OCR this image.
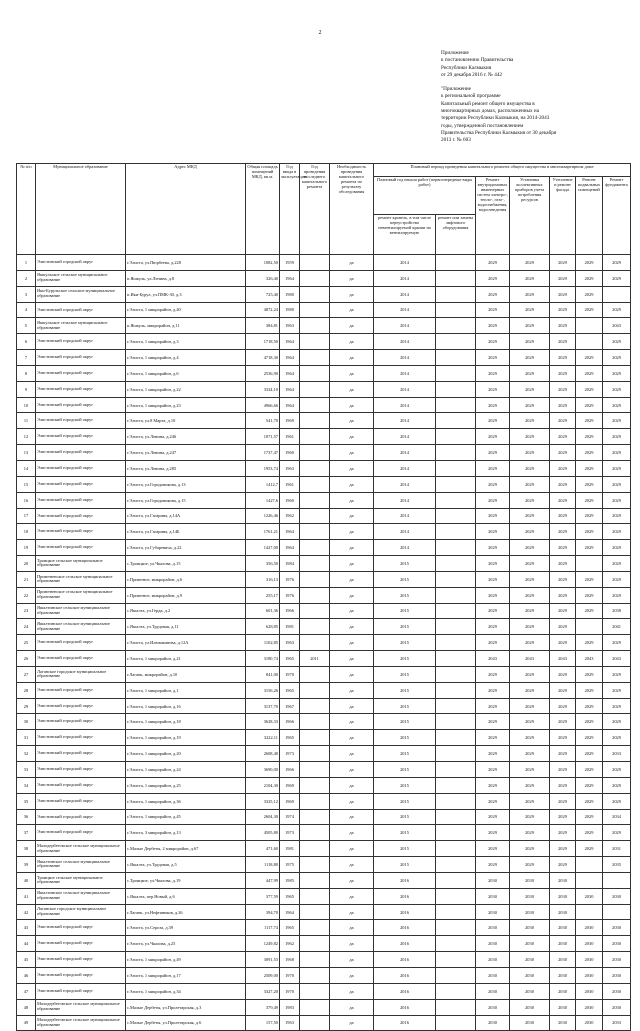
2

Приложение

к постановлению Правительства

Республики Калмыкия

от 29 декабря 2016 г. № 442

"Приложение

к региональной программе

Капитальный ремонт общего имущества в

многоквартирных домах, расположенных на

территории Республики Калмыкия, на 2014-2043

годы, утвержденной постановлением

Правительства Республики Калмыкия от 30 декабря

2013 г. № 603

№ п/п	Муниципальное образование	Адрес МКД	Общая площадь помещений МКД, кв.м.	Год ввода в эксплуатацию	Год проведения последнего капитального ремонта	Необходимость проведения капитального ремонта по результату обследования	Плановый период проведения капитального ремонта общего имущества в многоквартирном доме						
							Плановый год начала работ (первоочередные виды работ)		Ремонт внутридомовых инженерных систем электро-, тепло-, газо-, водоснабжения, водоотведения	Установка коллективных приборов учета потребления ресурсов	Утепление и ремонт фасада	Ремонт подвальных помещений	Ремонт фундамента
							ремонт кровель, в том числе переустройство невентилируемой крыши на вентилируемую	ремонт или замена лифтового оборудования					
1	Элистинский городской округ	г.Элиста, ул.Пюрбеева, д.228	1082,50	1959		да	2014		2029	2029	2029	2029	2029
2	Яшкульское сельское муниципальное образование	п.Яшкуль, ул.Ленина, д.8	326,40	1964		да	2014		2029	2029	2029	2029	2029
3	Ики-Бурульское сельское муниципальное образование	п.Ики-Бурул, ул.ПМК-30, д.3	725,40	1980		да	2014		2029	2029	2029	2029	
4	Элистинский городской округ	г.Элиста, 1 микрорайон, д.40	4872,24	1980		да	2014		2029	2029	2029	2029	2029
5	Яшкульское сельское муниципальное образование	п.Яшкуль, микрорайон, д.11	384,81	1963		да	2014		2029	2029	2029		2043
6	Элистинский городской округ	г.Элиста, 1 микрорайон, д.3	1718,50	1964		да	2014		2029	2029	2029		2029
7	Элистинский городской округ	г.Элиста, 1 микрорайон, д.4	4718,30	1964		да	2014		2029	2029	2029	2029	2029
8	Элистинский городской округ	г.Элиста, 1 микрорайон, д.6	2536,90	1964		да	2014		2029	2029	2029	2029	2029
9	Элистинский городской округ	г.Элиста, 1 микрорайон, д.22	3334,10	1964		да	2014		2029	2029	2029	2029	2029
10	Элистинский городской округ	г.Элиста, 1 микрорайон, д.23	4966,66	1964		да	2014		2029	2029	2029	2029	2029
11	Элистинский городской округ	г.Элиста, ул.8 Марта, д.10	541,70	1969		да	2014		2029	2029	2029	2029	2029
12	Элистинский городской округ	г.Элиста, ул.Ленина, д.246	1071,57	1961		да	2014		2029	2029	2029	2029	2029
13	Элистинский городской округ	г.Элиста, ул.Ленина, д.247	1737,47	1960		да	2014		2029	2029	2029	2029	2029
14	Элистинский городской округ	г.Элиста, ул.Ленина, д.285	1953,74	1963		да	2014		2029	2029	2029	2029	2029
15	Элистинский городской округ	г.Элиста, ул.Городовикова, д.13	1412,7	1961		да	2014		2029	2029	2029	2029	2029
16	Элистинский городской округ	г.Элиста, ул.Городовикова, д.15	1427,6	1960		да	2014		2029	2029	2029	2029	2029
17	Элистинский городской округ	г.Элиста, ул.Гагарина, д.14А	1226,46	1962		да	2014		2029	2029	2029	2029	2029
18	Элистинский городской округ	г.Элиста, ул.Гагарина, д.14Б	1761,21	1964		да	2014		2029	2029	2029	2029	2029
19	Элистинский городской округ	г.Элиста, ул.Губаревича, д.22	1427,00	1964		да	2014		2029	2029	2029	2029	2029
20	Троицкое сельское муниципальное образование	с.Троицкое, ул.Чкалова, д.15	356,50	1984		да	2015		2029	2029	2029		2029
21	Приютненское сельское муниципальное образование	с.Приютное, микрорайон, д.6	316,13	1976		да	2015		2029	2029	2029	2029	2029
22	Приютненское сельское муниципальное образование	с.Приютное, микрорайон, д.9	255,17	1976		да	2015		2029	2029	2029	2029	2029
23	Яшалтинское сельское муниципальное образование	с.Яшалта, ул.Герда, д.2	601,36	1966		да	2015		2029	2029	2029	2029	2038
24	Яшалтинское сельское муниципальное образование	с.Яшалта, ул.Трудовая, д.11	628,85	1981		да	2015		2029	2029	2029		2041
25	Элистинский городской округ	г.Элиста, ул.Илюмжинова, д.12А	1102,85	1963		да	2015		2029	2029	2029	2029	2029
26	Элистинский городской округ	г.Элиста, 1 микрорайон, д.21	3180,74	1965	2011	да	2015		2043	2043	2043	2043	2043
27	Лаганское городское муниципальное образование	г.Лагань, микрорайон, д.10	841,00	1970		да	2015		2029	2029	2029	2029	2029
28	Элистинский городской округ	г.Элиста, 1 микрорайон, д.1	3156,26	1965		да	2015		2029	2029	2029	2029	2029
29	Элистинский городской округ	г.Элиста, 1 микрорайон, д.16	3137,70	1967		да	2015		2029	2029	2029	2029	2029
30	Элистинский городской округ	г.Элиста, 1 микрорайон, д.18	3628,33	1966		да	2015		2029	2029	2029	2029	2029
31	Элистинский городской округ	г.Элиста, 1 микрорайон, д.19	3222,11	1965		да	2015		2029	2029	2029	2029	2029
32	Элистинский городской округ	г.Элиста, 1 микрорайон, д.20	2608,40	1973		да	2015		2029	2029	2029	2029	2033
33	Элистинский городской округ	г.Элиста, 1 микрорайон, д.24	3690,00	1966		да	2015		2029	2029	2029	2029	2029
34	Элистинский городской округ	г.Элиста, 1 микрорайон, д.25	2104,30	1969		да	2015		2029	2029	2029	2029	2029
35	Элистинский городской округ	г.Элиста, 1 микрорайон, д.36	3325,12	1969		да	2015		2029	2029	2029	2029	2029
36	Элистинский городской округ	г.Элиста, 1 микрорайон, д.45	2604,30	1974		да	2015		2029	2029	2029	2029	2034
37	Элистинский городской округ	г.Элиста, 3 микрорайон, д.13	4505,80	1973		да	2015		2029	2029	2029	2029	2029
38	Малодербетовское сельское муниципальное образование	с.Малые Дербеты, 2 микрорайон, д.67	471,60	1981		да	2015		2029	2029	2029	2029	2031
39	Яшалтинское сельское муниципальное образование	с.Яшалта, ул.Трудовая, д.5	1118,80	1975		да	2015		2029	2029	2029		2035
40	Троицкое сельское муниципальное образование	с.Троицкое, ул.Чкалова, д.19	447,99	1985		да	2016		2030	2030	2030		
41	Яшалтинское сельское муниципальное образование	с.Яшалта, пер.Новый, д.6	377,59	1965		да	2016		2030	2030	2030	2030	2030
42	Лаганское городское муниципальное образование	г.Лагань, ул.Нефтяников, д.26	394,70	1964		да	2016		2030	2030	2030		
43	Элистинский городской округ	г.Элиста, ул.Сероза, д.39	1117,74	1965		да	2016		2030	2030	2030	2030	2030
44	Элистинский городской округ	г.Элиста, ул.Чкалова, д.25	1249,82	1962		да	2016		2030	2030	2030	2030	2030
45	Элистинский городской округ	г.Элиста, 1 микрорайон, д.49	3091,53	1968		да	2016		2030	2030	2030	2030	2030
46	Элистинский городской округ	г.Элиста, 1 микрорайон, д.17	2509,00	1970		да	2016		2030	2030	2030	2030	2030
47	Элистинский городской округ	г.Элиста, 1 микрорайон, д.34	3327,20	1970		да	2016		2030	2030	2030	2030	2030
48	Малодербетовское сельское муниципальное образование	с.Малые Дербеты, ул.Пролетарская, д.3	379,49	1983		да	2016		2030	2030	2030	2030	2030
49	Малодербетовское сельское муниципальное образование	с.Малые Дербеты, ул.Пролетарская, д.6	157,50	1963		да	2016		2030	2030	2030	2030	2033
